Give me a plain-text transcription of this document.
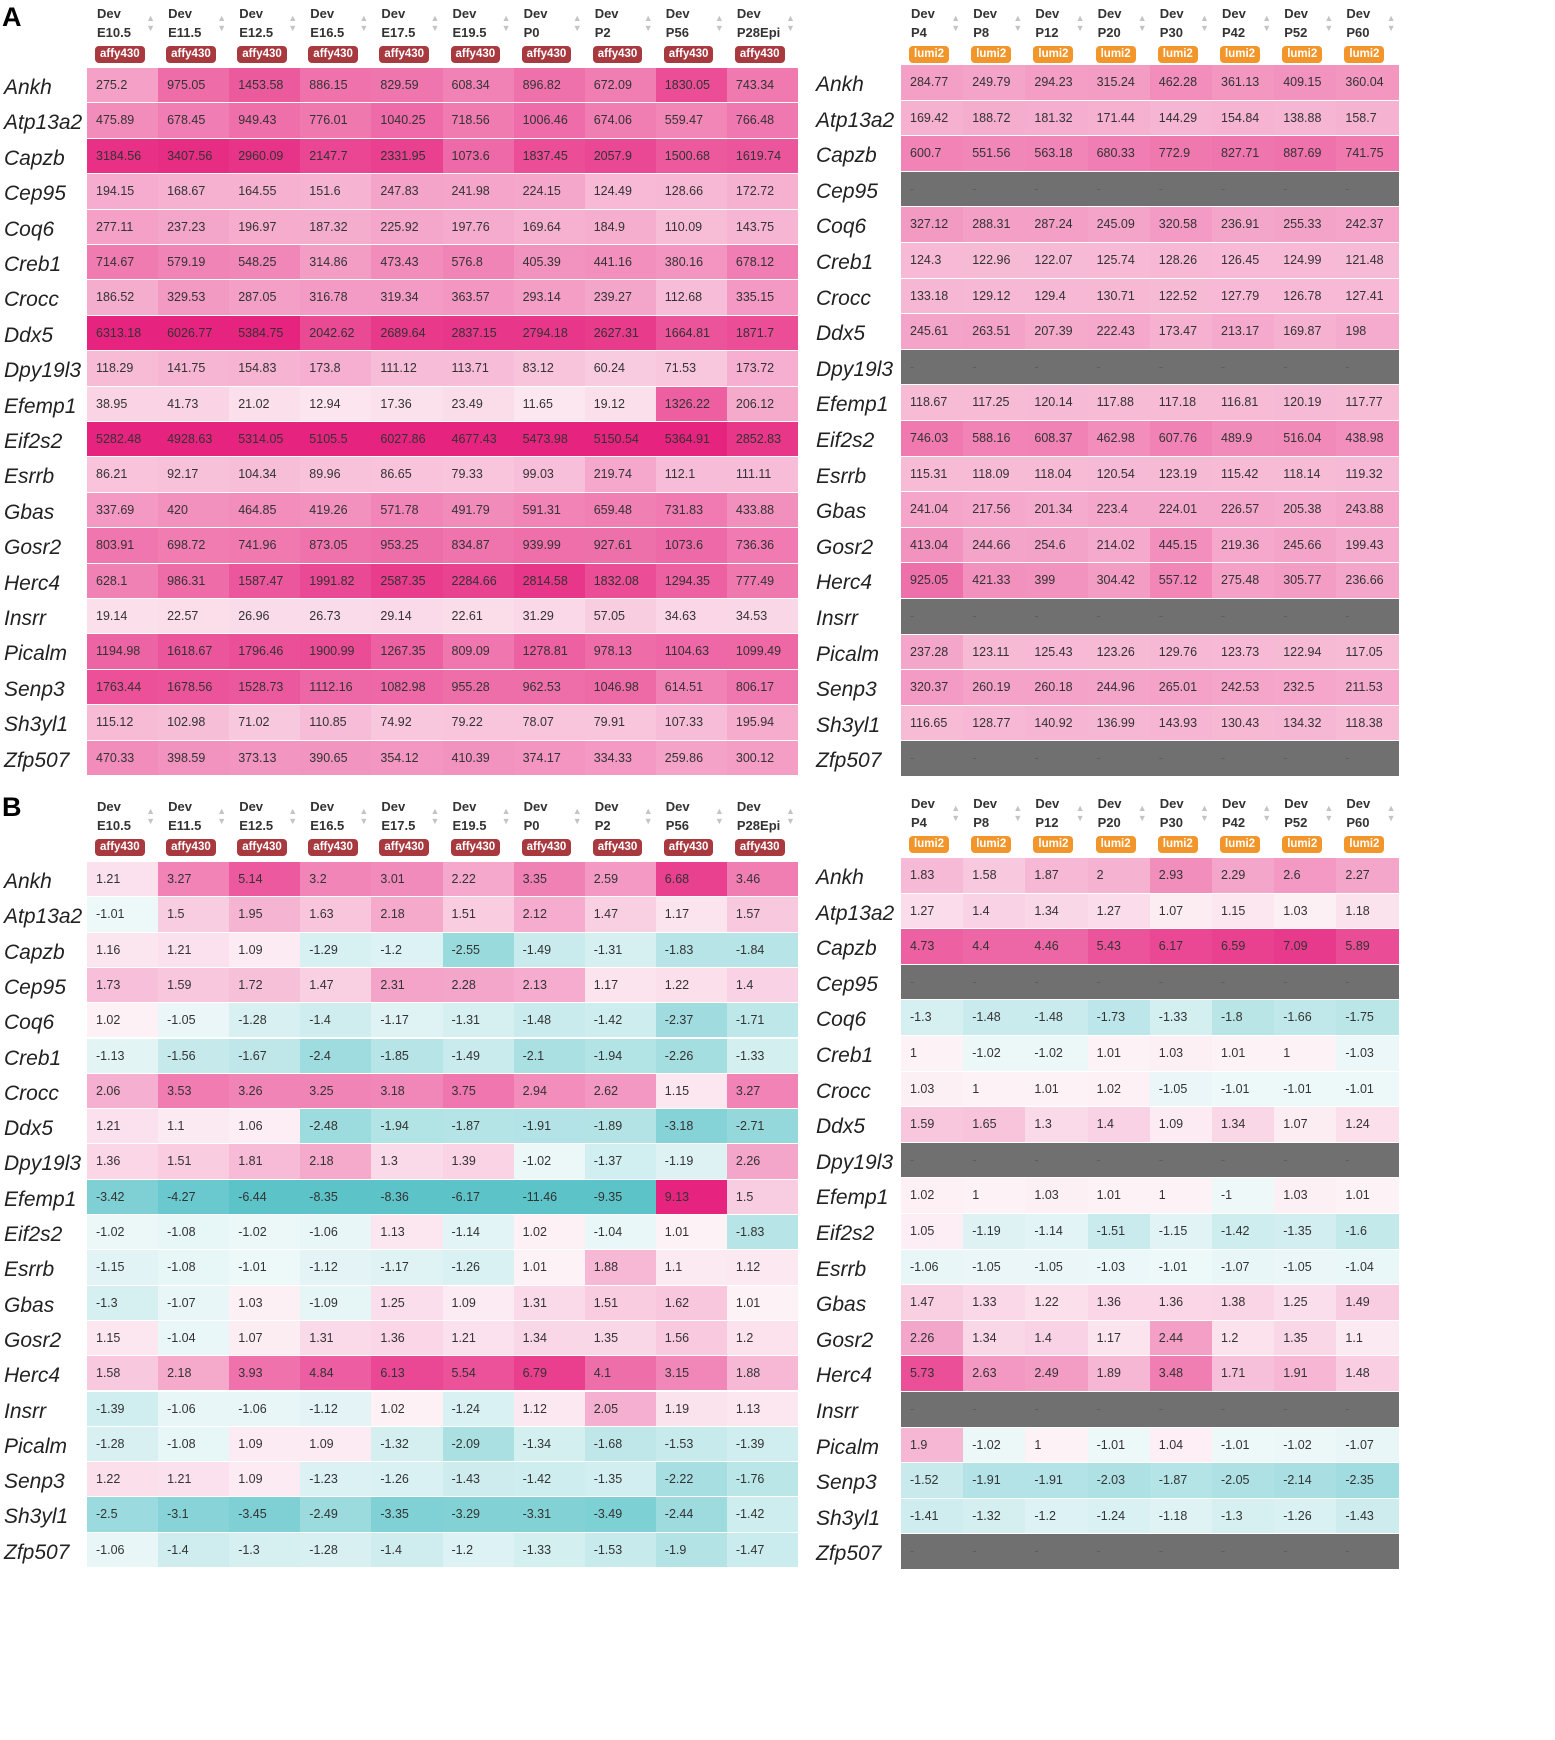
A	Dev
E10.5
▲
▼
affy430
Dev
E11.5
▲
▼
affy430
Dev
E12.5
▲
▼
affy430
Dev
E16.5
▲
▼
affy430
Dev
E17.5
▲
▼
affy430
Dev
E19.5
▲
▼
affy430
Dev
P0
▲
▼
affy430
Dev
P2
▲
▼
affy430
Dev
P56
▲
▼
affy430
Dev
P28Epi
▲
▼
affy430
Ankh	275.2	975.05	1453.58	886.15	829.59	608.34	896.82	672.09	1830.05	743.34
Atp13a2	475.89	678.45	949.43	776.01	1040.25	718.56	1006.46	674.06	559.47	766.48
Capzb	3184.56	3407.56	2960.09	2147.7	2331.95	1073.6	1837.45	2057.9	1500.68	1619.74
Cep95	194.15	168.67	164.55	151.6	247.83	241.98	224.15	124.49	128.66	172.72
Coq6	277.11	237.23	196.97	187.32	225.92	197.76	169.64	184.9	110.09	143.75
Creb1	714.67	579.19	548.25	314.86	473.43	576.8	405.39	441.16	380.16	678.12
Crocc	186.52	329.53	287.05	316.78	319.34	363.57	293.14	239.27	112.68	335.15
Ddx5	6313.18	6026.77	5384.75	2042.62	2689.64	2837.15	2794.18	2627.31	1664.81	1871.7
Dpy19l3	118.29	141.75	154.83	173.8	111.12	113.71	83.12	60.24	71.53	173.72
Efemp1	38.95	41.73	21.02	12.94	17.36	23.49	11.65	19.12	1326.22	206.12
Eif2s2	5282.48	4928.63	5314.05	5105.5	6027.86	4677.43	5473.98	5150.54	5364.91	2852.83
Esrrb	86.21	92.17	104.34	89.96	86.65	79.33	99.03	219.74	112.1	111.11
Gbas	337.69	420	464.85	419.26	571.78	491.79	591.31	659.48	731.83	433.88
Gosr2	803.91	698.72	741.96	873.05	953.25	834.87	939.99	927.61	1073.6	736.36
Herc4	628.1	986.31	1587.47	1991.82	2587.35	2284.66	2814.58	1832.08	1294.35	777.49
Insrr	19.14	22.57	26.96	26.73	29.14	22.61	31.29	57.05	34.63	34.53
Picalm	1194.98	1618.67	1796.46	1900.99	1267.35	809.09	1278.81	978.13	1104.63	1099.49
Senp3	1763.44	1678.56	1528.73	1112.16	1082.98	955.28	962.53	1046.98	614.51	806.17
Sh3yl1	115.12	102.98	71.02	110.85	74.92	79.22	78.07	79.91	107.33	195.94
Zfp507	470.33	398.59	373.13	390.65	354.12	410.39	374.17	334.33	259.86	300.12
Dev
P4
▲
▼
lumi2
Dev
P8
▲
▼
lumi2
Dev
P12
▲
▼
lumi2
Dev
P20
▲
▼
lumi2
Dev
P30
▲
▼
lumi2
Dev
P42
▲
▼
lumi2
Dev
P52
▲
▼
lumi2
Dev
P60
▲
▼
lumi2
Ankh	284.77	249.79	294.23	315.24	462.28	361.13	409.15	360.04
Atp13a2	169.42	188.72	181.32	171.44	144.29	154.84	138.88	158.7
Capzb	600.7	551.56	563.18	680.33	772.9	827.71	887.69	741.75
Cep95	-	-	-	-	-	-	-	-
Coq6	327.12	288.31	287.24	245.09	320.58	236.91	255.33	242.37
Creb1	124.3	122.96	122.07	125.74	128.26	126.45	124.99	121.48
Crocc	133.18	129.12	129.4	130.71	122.52	127.79	126.78	127.41
Ddx5	245.61	263.51	207.39	222.43	173.47	213.17	169.87	198
Dpy19l3	-	-	-	-	-	-	-	-
Efemp1	118.67	117.25	120.14	117.88	117.18	116.81	120.19	117.77
Eif2s2	746.03	588.16	608.37	462.98	607.76	489.9	516.04	438.98
Esrrb	115.31	118.09	118.04	120.54	123.19	115.42	118.14	119.32
Gbas	241.04	217.56	201.34	223.4	224.01	226.57	205.38	243.88
Gosr2	413.04	244.66	254.6	214.02	445.15	219.36	245.66	199.43
Herc4	925.05	421.33	399	304.42	557.12	275.48	305.77	236.66
Insrr	-	-	-	-	-	-	-	-
Picalm	237.28	123.11	125.43	123.26	129.76	123.73	122.94	117.05
Senp3	320.37	260.19	260.18	244.96	265.01	242.53	232.5	211.53
Sh3yl1	116.65	128.77	140.92	136.99	143.93	130.43	134.32	118.38
Zfp507	-	-	-	-	-	-	-	-
B	Dev
E10.5
▲
▼
affy430
Dev
E11.5
▲
▼
affy430
Dev
E12.5
▲
▼
affy430
Dev
E16.5
▲
▼
affy430
Dev
E17.5
▲
▼
affy430
Dev
E19.5
▲
▼
affy430
Dev
P0
▲
▼
affy430
Dev
P2
▲
▼
affy430
Dev
P56
▲
▼
affy430
Dev
P28Epi
▲
▼
affy430
Ankh	1.21	3.27	5.14	3.2	3.01	2.22	3.35	2.59	6.68	3.46
Atp13a2	-1.01	1.5	1.95	1.63	2.18	1.51	2.12	1.47	1.17	1.57
Capzb	1.16	1.21	1.09	-1.29	-1.2	-2.55	-1.49	-1.31	-1.83	-1.84
Cep95	1.73	1.59	1.72	1.47	2.31	2.28	2.13	1.17	1.22	1.4
Coq6	1.02	-1.05	-1.28	-1.4	-1.17	-1.31	-1.48	-1.42	-2.37	-1.71
Creb1	-1.13	-1.56	-1.67	-2.4	-1.85	-1.49	-2.1	-1.94	-2.26	-1.33
Crocc	2.06	3.53	3.26	3.25	3.18	3.75	2.94	2.62	1.15	3.27
Ddx5	1.21	1.1	1.06	-2.48	-1.94	-1.87	-1.91	-1.89	-3.18	-2.71
Dpy19l3	1.36	1.51	1.81	2.18	1.3	1.39	-1.02	-1.37	-1.19	2.26
Efemp1	-3.42	-4.27	-6.44	-8.35	-8.36	-6.17	-11.46	-9.35	9.13	1.5
Eif2s2	-1.02	-1.08	-1.02	-1.06	1.13	-1.14	1.02	-1.04	1.01	-1.83
Esrrb	-1.15	-1.08	-1.01	-1.12	-1.17	-1.26	1.01	1.88	1.1	1.12
Gbas	-1.3	-1.07	1.03	-1.09	1.25	1.09	1.31	1.51	1.62	1.01
Gosr2	1.15	-1.04	1.07	1.31	1.36	1.21	1.34	1.35	1.56	1.2
Herc4	1.58	2.18	3.93	4.84	6.13	5.54	6.79	4.1	3.15	1.88
Insrr	-1.39	-1.06	-1.06	-1.12	1.02	-1.24	1.12	2.05	1.19	1.13
Picalm	-1.28	-1.08	1.09	1.09	-1.32	-2.09	-1.34	-1.68	-1.53	-1.39
Senp3	1.22	1.21	1.09	-1.23	-1.26	-1.43	-1.42	-1.35	-2.22	-1.76
Sh3yl1	-2.5	-3.1	-3.45	-2.49	-3.35	-3.29	-3.31	-3.49	-2.44	-1.42
Zfp507	-1.06	-1.4	-1.3	-1.28	-1.4	-1.2	-1.33	-1.53	-1.9	-1.47
Dev
P4
▲
▼
lumi2
Dev
P8
▲
▼
lumi2
Dev
P12
▲
▼
lumi2
Dev
P20
▲
▼
lumi2
Dev
P30
▲
▼
lumi2
Dev
P42
▲
▼
lumi2
Dev
P52
▲
▼
lumi2
Dev
P60
▲
▼
lumi2
Ankh	1.83	1.58	1.87	2	2.93	2.29	2.6	2.27
Atp13a2	1.27	1.4	1.34	1.27	1.07	1.15	1.03	1.18
Capzb	4.73	4.4	4.46	5.43	6.17	6.59	7.09	5.89
Cep95	-	-	-	-	-	-	-	-
Coq6	-1.3	-1.48	-1.48	-1.73	-1.33	-1.8	-1.66	-1.75
Creb1	1	-1.02	-1.02	1.01	1.03	1.01	1	-1.03
Crocc	1.03	1	1.01	1.02	-1.05	-1.01	-1.01	-1.01
Ddx5	1.59	1.65	1.3	1.4	1.09	1.34	1.07	1.24
Dpy19l3	-	-	-	-	-	-	-	-
Efemp1	1.02	1	1.03	1.01	1	-1	1.03	1.01
Eif2s2	1.05	-1.19	-1.14	-1.51	-1.15	-1.42	-1.35	-1.6
Esrrb	-1.06	-1.05	-1.05	-1.03	-1.01	-1.07	-1.05	-1.04
Gbas	1.47	1.33	1.22	1.36	1.36	1.38	1.25	1.49
Gosr2	2.26	1.34	1.4	1.17	2.44	1.2	1.35	1.1
Herc4	5.73	2.63	2.49	1.89	3.48	1.71	1.91	1.48
Insrr	-	-	-	-	-	-	-	-
Picalm	1.9	-1.02	1	-1.01	1.04	-1.01	-1.02	-1.07
Senp3	-1.52	-1.91	-1.91	-2.03	-1.87	-2.05	-2.14	-2.35
Sh3yl1	-1.41	-1.32	-1.2	-1.24	-1.18	-1.3	-1.26	-1.43
Zfp507	-	-	-	-	-	-	-	-
